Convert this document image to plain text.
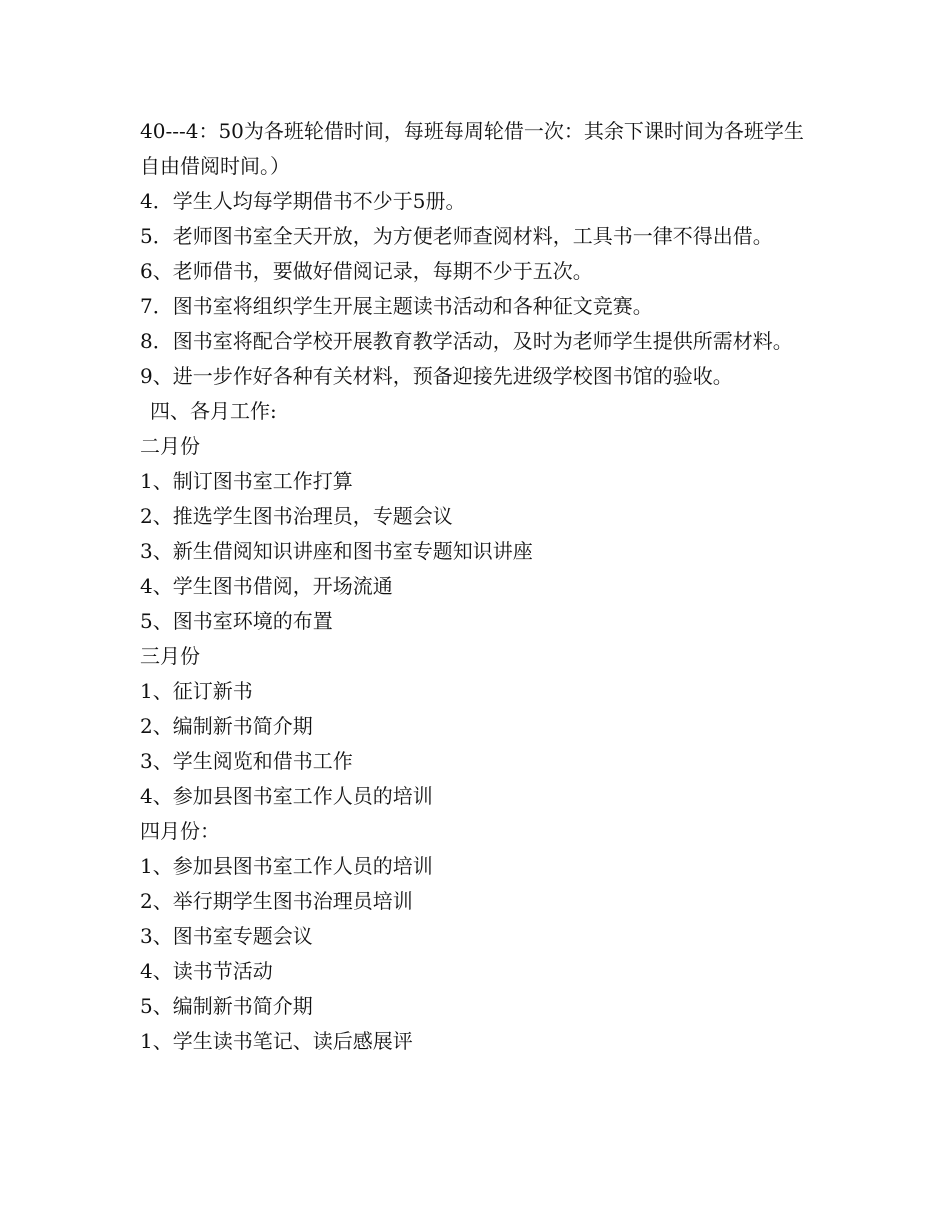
40---4：50为各班轮借时间，每班每周轮借一次：其余下课时间为各班学生自由借阅时间。）
4．学生人均每学期借书不少于5册。
5．老师图书室全天开放，为方便老师查阅材料，工具书一律不得出借。
6、老师借书，要做好借阅记录，每期不少于五次。
7．图书室将组织学生开展主题读书活动和各种征文竞赛。
8．图书室将配合学校开展教育教学活动，及时为老师学生提供所需材料。
9、进一步作好各种有关材料，预备迎接先进级学校图书馆的验收。
四、各月工作:
二月份
1、制订图书室工作打算
2、推选学生图书治理员，专题会议
3、新生借阅知识讲座和图书室专题知识讲座
4、学生图书借阅，开场流通
5、图书室环境的布置
三月份
1、征订新书
2、编制新书简介期
3、学生阅览和借书工作
4、参加县图书室工作人员的培训
四月份：
1、参加县图书室工作人员的培训
2、举行期学生图书治理员培训
3、图书室专题会议
4、读书节活动
5、编制新书简介期
1、学生读书笔记、读后感展评
